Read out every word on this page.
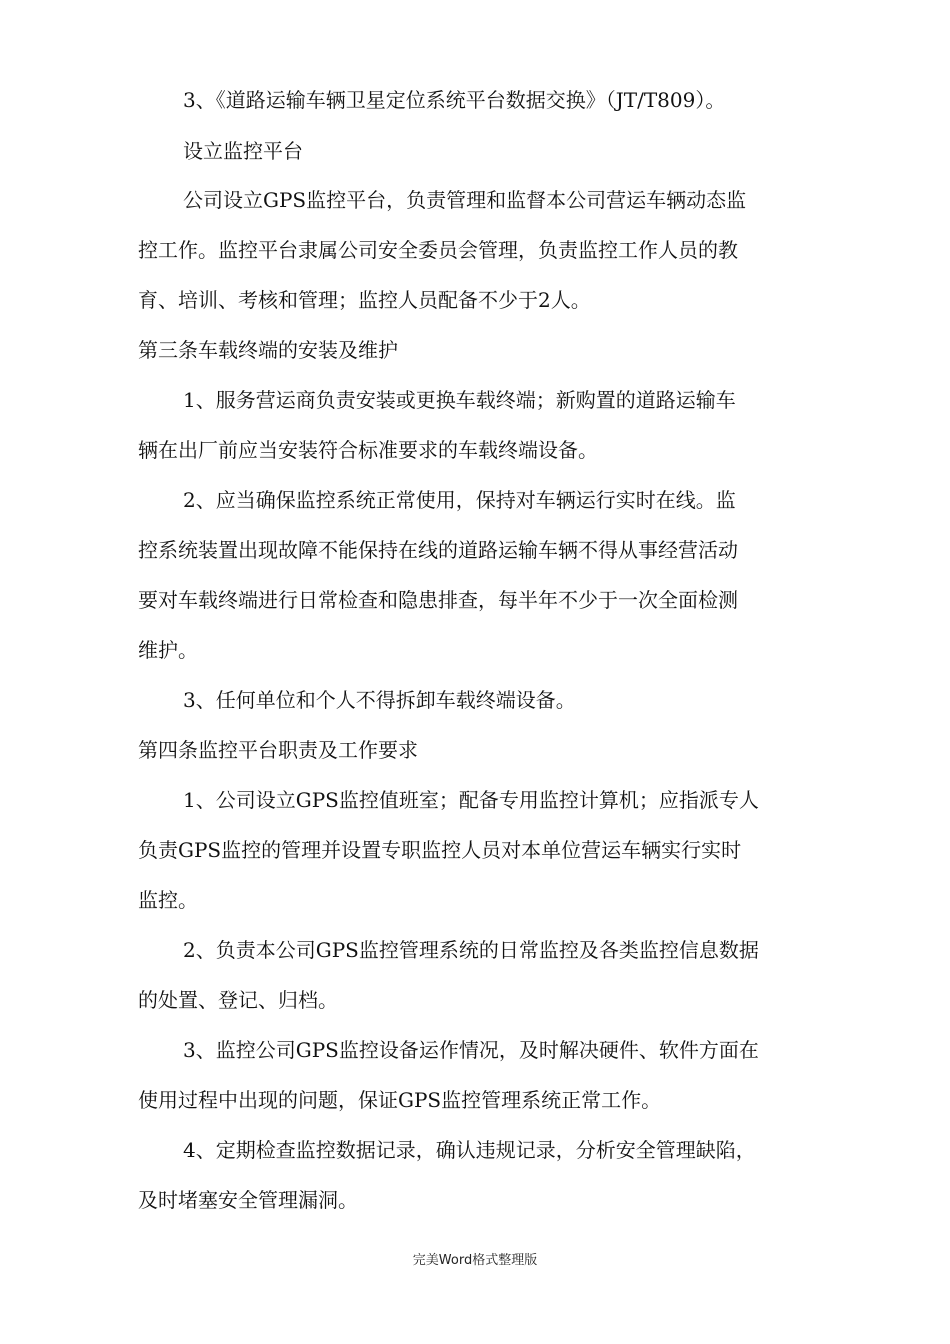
3、《道路运输车辆卫星定位系统平台数据交换》（JT/T809）。

设立监控平台

公司设立GPS监控平台，负责管理和监督本公司营运车辆动态监

控工作。监控平台隶属公司安全委员会管理，负责监控工作人员的教

育、培训、考核和管理；监控人员配备不少于2人。

第三条车载终端的安装及维护

1、服务营运商负责安装或更换车载终端；新购置的道路运输车

辆在出厂前应当安装符合标准要求的车载终端设备。

2、应当确保监控系统正常使用，保持对车辆运行实时在线。监

控系统装置出现故障不能保持在线的道路运输车辆不得从事经营活动

要对车载终端进行日常检查和隐患排查，每半年不少于一次全面检测

维护。

3、任何单位和个人不得拆卸车载终端设备。

第四条监控平台职责及工作要求

1、公司设立GPS监控值班室；配备专用监控计算机；应指派专人

负责GPS监控的管理并设置专职监控人员对本单位营运车辆实行实时

监控。

2、负责本公司GPS监控管理系统的日常监控及各类监控信息数据

的处置、登记、归档。

3、监控公司GPS监控设备运作情况，及时解决硬件、软件方面在

使用过程中出现的问题，保证GPS监控管理系统正常工作。

4、定期检查监控数据记录，确认违规记录，分析安全管理缺陷，

及时堵塞安全管理漏洞。

完美Word格式整理版
